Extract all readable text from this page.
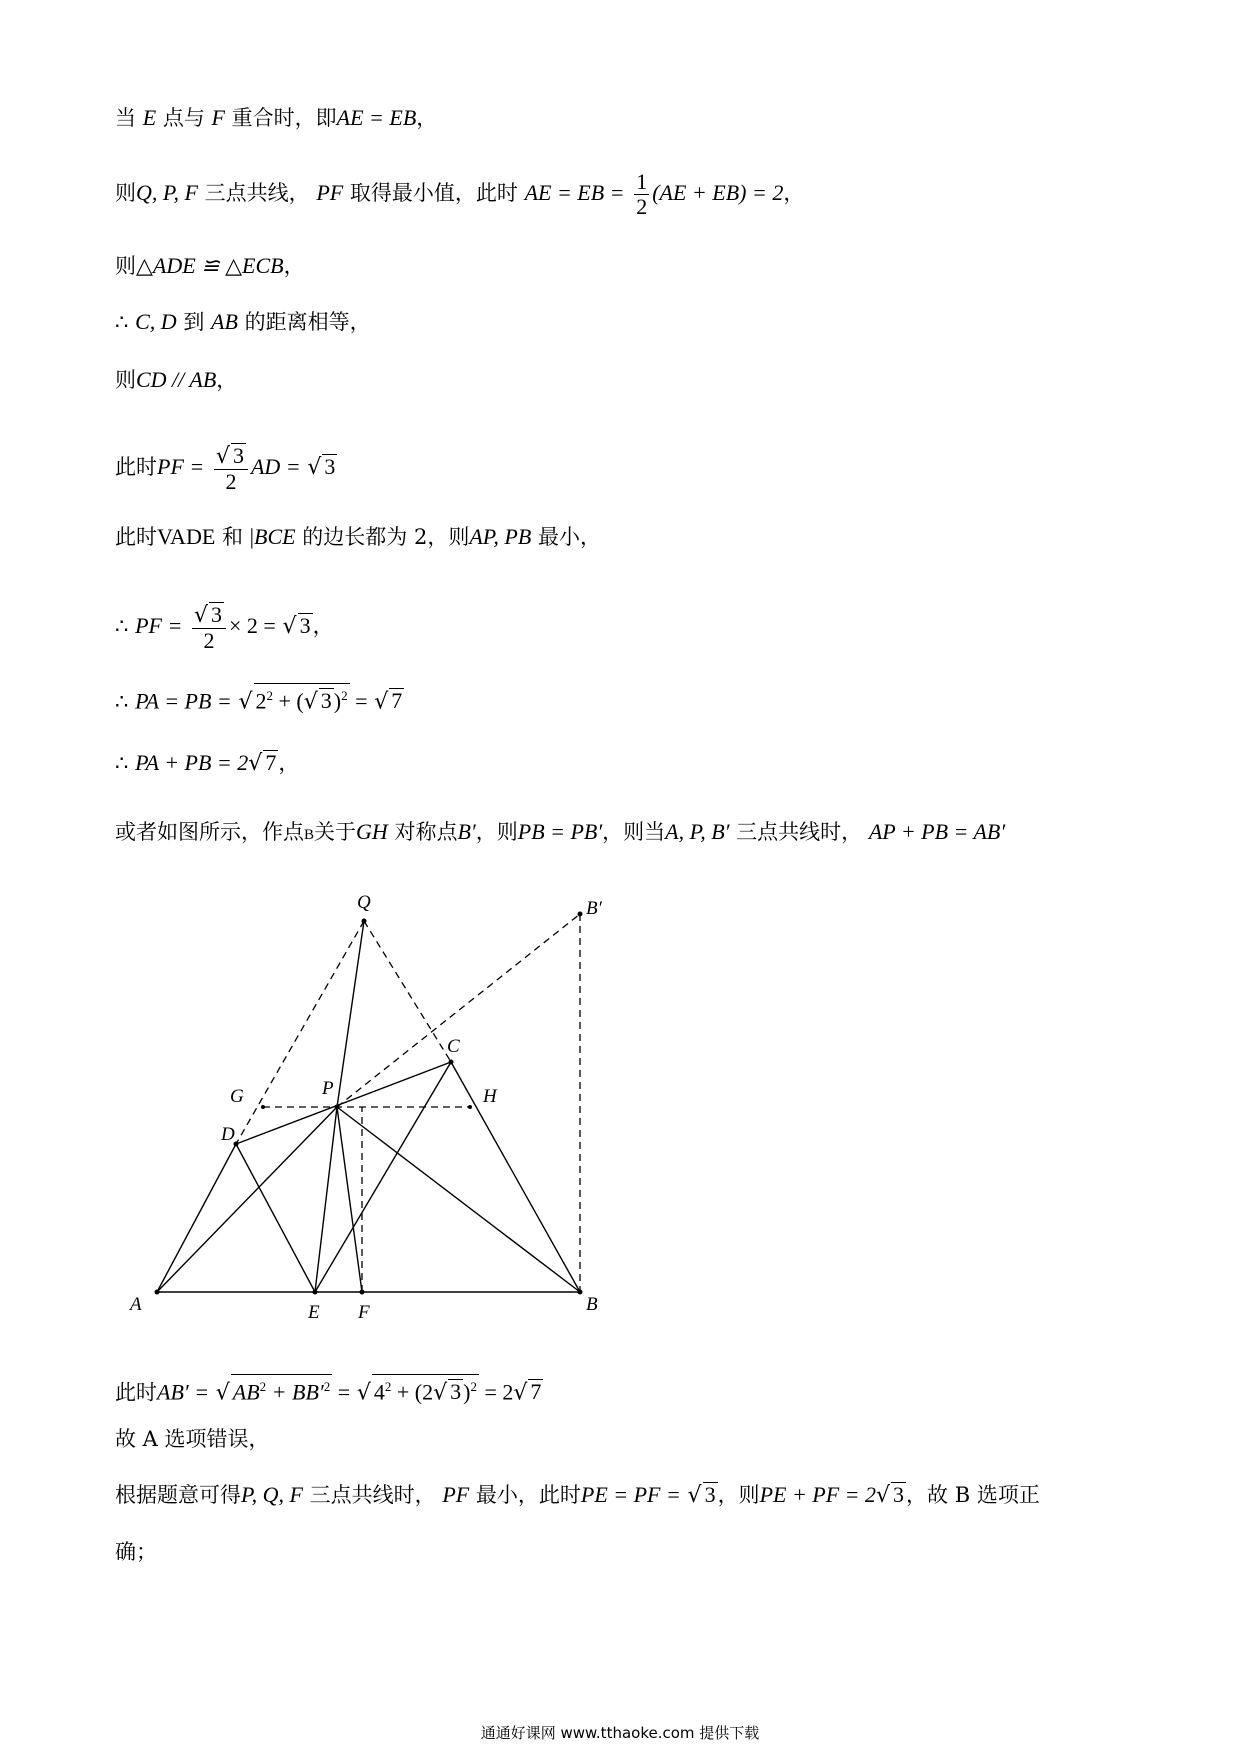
当 E 点与 F 重合时，即AE = EB，
则Q, P, F 三点共线， PF 取得最小值，此时 AE = EB = $\frac{1}{2} (AE + EB) = 2$，
则△ADE ≌ △ECB，
∴ C, D 到 AB 的距离相等，
则CD // AB，
此时PF = $\frac{√ 3}{2}$ AD = √ 3
此时VADE 和 |BCE 的边长都为 2，则AP, PB 最小，
∴ PF = $\frac{√ 3}{2} \times 2$ = √ 3，
∴ PA = PB = √ $2^2$ + (√ 3)$^2$ = √ 7
∴ PA + PB = 2√ 7，
或者如图所示，作点B关于GH 对称点B′，则PB = PB′，则当A, P, B′ 三点共线时， AP + PB = AB′
Q	B′
C
G	P	H
D
A	E F	B
此时AB′ = √ $AB^2 + BB'^2$ = √ $4^2 + (2√$ 3)$^2$ = 2√ 7
故 A 选项错误，
根据题意可得P, Q, F 三点共线时， PF 最小，此时PE = PF = √ 3，则PE + PF = 2√ 3，故 B 选项正
确；
通通好课网 www.tthaoke.com 提供下载
